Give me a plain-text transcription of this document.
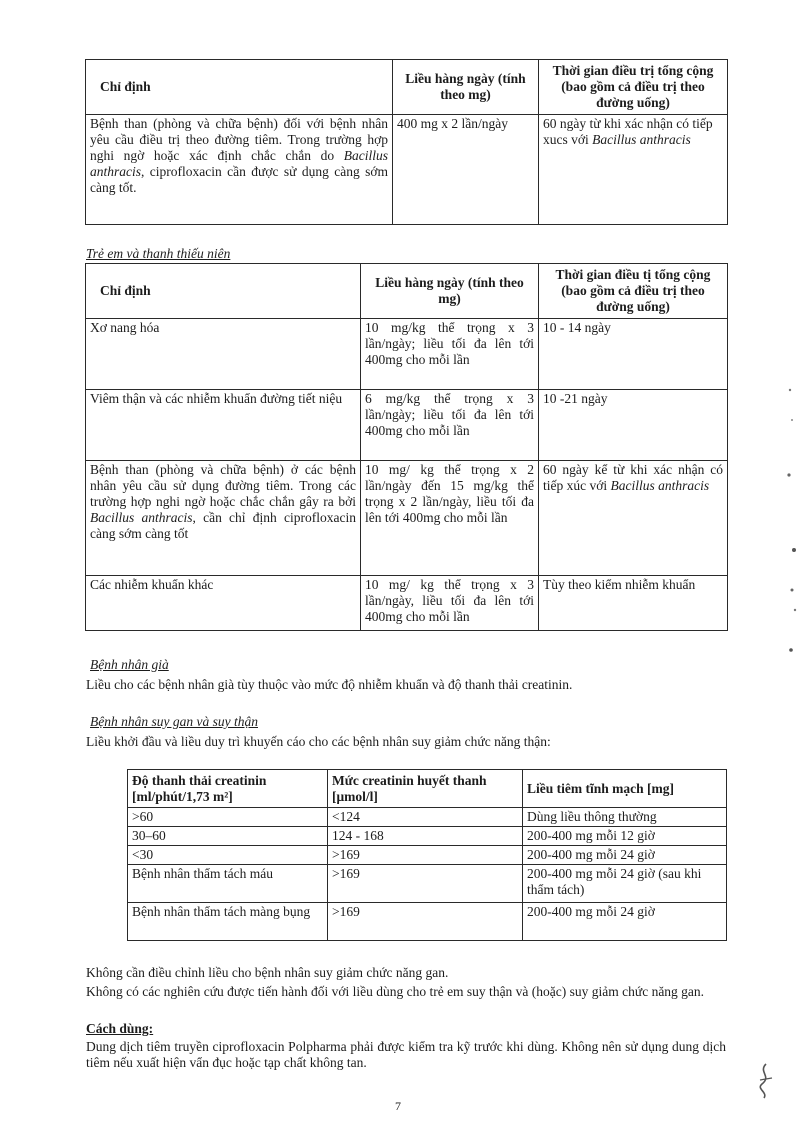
Chỉ định	Liều hàng ngày (tính theo mg)	Thời gian điều trị tổng cộng (bao gồm cả điều trị theo đường uống)
Bệnh than (phòng và chữa bệnh) đối với bệnh nhân yêu cầu điều trị theo đường tiêm. Trong trường hợp nghi ngờ hoặc xác định chắc chắn do Bacillus anthracis, ciprofloxacin cần được sử dụng càng sớm càng tốt.	400 mg x 2 lần/ngày	60 ngày từ khi xác nhận có tiếp xucs với Bacillus anthracis
Trẻ em và thanh thiếu niên
Chỉ định	Liều hàng ngày (tính theo mg)	Thời gian điều tị tổng cộng (bao gồm cả điều trị theo đường uống)
Xơ nang hóa	10 mg/kg thể trọng x 3 lần/ngày; liều tối đa lên tới 400mg cho mỗi lần	10 - 14 ngày
Viêm thận và các nhiễm khuẩn đường tiết niệu	6 mg/kg thể trọng x 3 lần/ngày; liều tối đa lên tới 400mg cho mỗi lần	10 -21 ngày
Bệnh than (phòng và chữa bệnh) ở các bệnh nhân yêu cầu sử dụng đường tiêm. Trong các trường hợp nghi ngờ hoặc chắc chắn gây ra bởi Bacillus anthracis, cần chỉ định ciprofloxacin càng sớm càng tốt	10 mg/ kg thể trọng x 2 lần/ngày đến 15 mg/kg thể trọng x 2 lần/ngày, liều tối đa lên tới 400mg cho mỗi lần	60 ngày kể từ khi xác nhận có tiếp xúc với Bacillus anthracis
Các nhiễm khuẩn khác	10 mg/ kg thể trọng x 3 lần/ngày, liều tối đa lên tới 400mg cho mỗi lần	Tùy theo kiểm nhiễm khuẩn
Bệnh nhân già
Liều cho các bệnh nhân già tùy thuộc vào mức độ nhiễm khuẩn và độ thanh thải creatinin.
Bệnh nhân suy gan và suy thận
Liều khởi đầu và liều duy trì khuyến cáo cho các bệnh nhân suy giảm chức năng thận:
Độ thanh thải creatinin [ml/phút/1,73 m²]	Mức creatinin huyết thanh [μmol/l]	Liều tiêm tĩnh mạch [mg]
>60	<124	Dùng liều thông thường
30–60	124 - 168	200-400 mg mỗi 12 giờ
<30	>169	200-400 mg mỗi 24 giờ
Bệnh nhân thẩm tách máu	>169	200-400 mg mỗi 24 giờ (sau khi thẩm tách)
Bệnh nhân thẩm tách màng bụng	>169	200-400 mg mỗi 24 giờ
Không cần điều chỉnh liều cho bệnh nhân suy giảm chức năng gan.
Không có các nghiên cứu được tiến hành đối với liều dùng cho trẻ em suy thận và (hoặc) suy giảm chức năng gan.
Cách dùng:
Dung dịch tiêm truyền ciprofloxacin Polpharma phải được kiểm tra kỹ trước khi dùng. Không nên sử dụng dung dịch tiêm nếu xuất hiện vẩn đục hoặc tạp chất không tan.
7
